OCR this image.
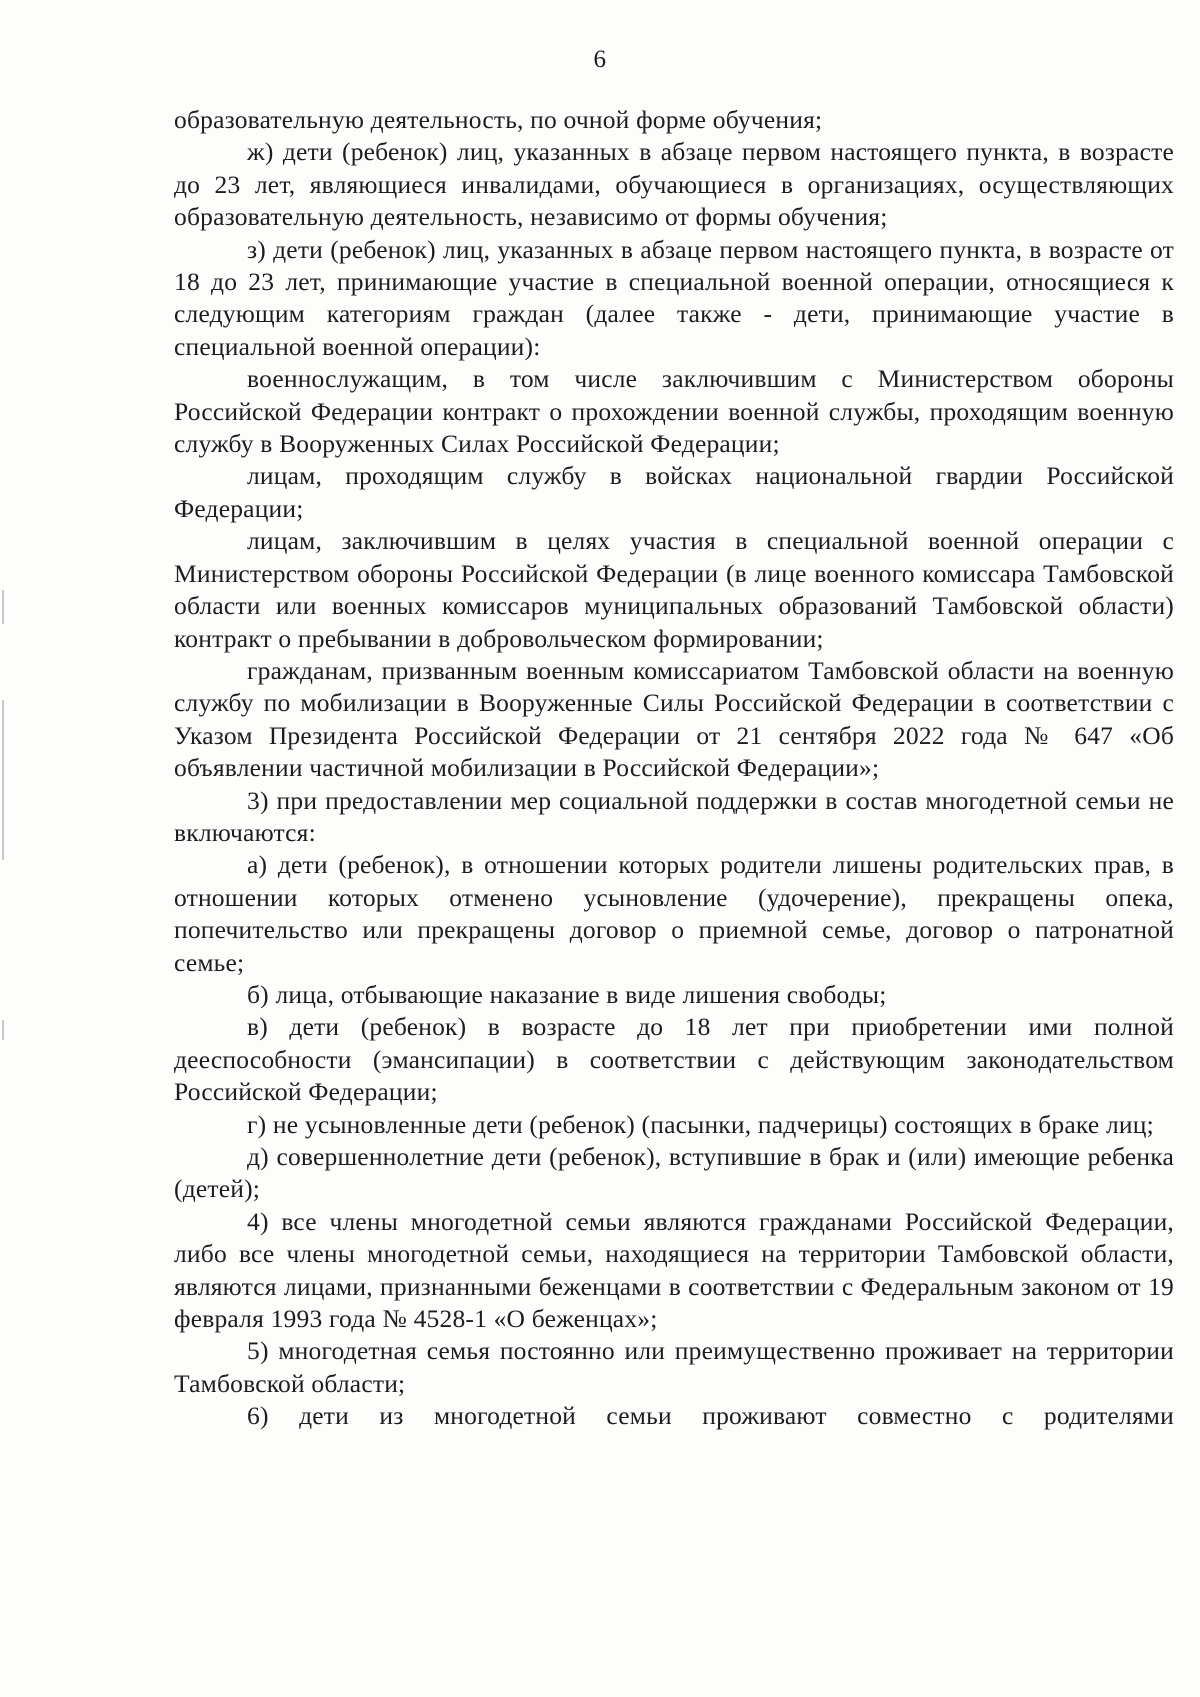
6

образовательную деятельность, по очной форме обучения;

ж) дети (ребенок) лиц, указанных в абзаце первом настоящего пункта, в возрасте до 23 лет, являющиеся инвалидами, обучающиеся в организациях, осуществляющих образовательную деятельность, независимо от формы обучения;

з) дети (ребенок) лиц, указанных в абзаце первом настоящего пункта, в возрасте от 18 до 23 лет, принимающие участие в специальной военной операции, относящиеся к следующим категориям граждан (далее также - дети, принимающие участие в специальной военной операции):

военнослужащим, в том числе заключившим с Министерством обороны Российской Федерации контракт о прохождении военной службы, проходящим военную службу в Вооруженных Силах Российской Федерации;

лицам, проходящим службу в войсках национальной гвардии Российской Федерации;

лицам, заключившим в целях участия в специальной военной операции с Министерством обороны Российской Федерации (в лице военного комиссара Тамбовской области или военных комиссаров муниципальных образований Тамбовской области) контракт о пребывании в добровольческом формировании;

гражданам, призванным военным комиссариатом Тамбовской области на военную службу по мобилизации в Вооруженные Силы Российской Федерации в соответствии с Указом Президента Российской Федерации от 21 сентября 2022 года № 647 «Об объявлении частичной мобилизации в Российской Федерации»;

3) при предоставлении мер социальной поддержки в состав многодетной семьи не включаются:

а) дети (ребенок), в отношении которых родители лишены родительских прав, в отношении которых отменено усыновление (удочерение), прекращены опека, попечительство или прекращены договор о приемной семье, договор о патронатной семье;

б) лица, отбывающие наказание в виде лишения свободы;

в) дети (ребенок) в возрасте до 18 лет при приобретении ими полной дееспособности (эмансипации) в соответствии с действующим законодательством Российской Федерации;

г) не усыновленные дети (ребенок) (пасынки, падчерицы) состоящих в браке лиц;

д) совершеннолетние дети (ребенок), вступившие в брак и (или) имеющие ребенка (детей);

4) все члены многодетной семьи являются гражданами Российской Федерации, либо все члены многодетной семьи, находящиеся на территории Тамбовской области, являются лицами, признанными беженцами в соответствии с Федеральным законом от 19 февраля 1993 года № 4528-1 «О беженцах»;

5) многодетная семья постоянно или преимущественно проживает на территории Тамбовской области;

6) дети из многодетной семьи проживают совместно с родителями
